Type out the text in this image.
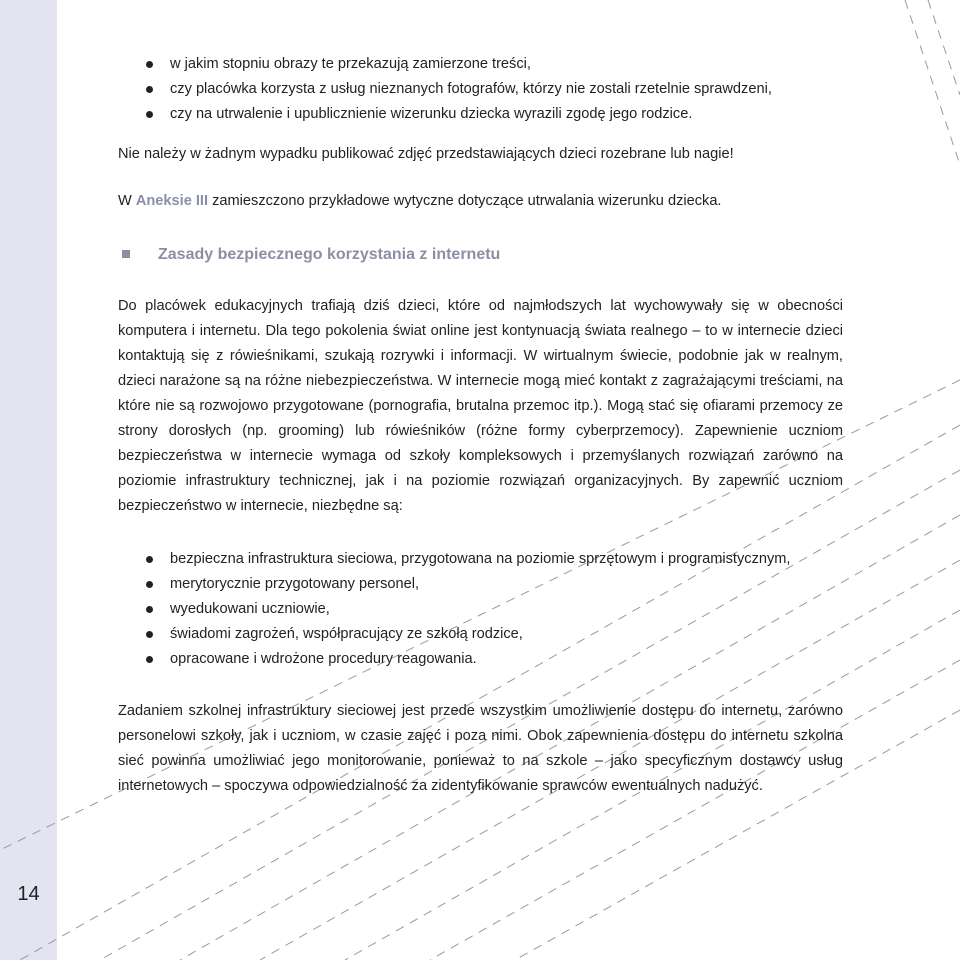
14
w jakim stopniu obrazy te przekazują zamierzone treści,
czy placówka korzysta z usług nieznanych fotografów, którzy nie zostali rzetelnie sprawdzeni,
czy na utrwalenie i upublicznienie wizerunku dziecka wyrazili zgodę jego rodzice.

Nie należy w żadnym wypadku publikować zdjęć przedstawiających dzieci rozebrane lub nagie!

W Aneksie III zamieszczono przykładowe wytyczne dotyczące utrwalania wizerunku dziecka.

Zasady bezpiecznego korzystania z internetu

Do placówek edukacyjnych trafiają dziś dzieci, które od najmłodszych lat wychowywały się w obecności komputera i internetu. Dla tego pokolenia świat online jest kontynuacją świata realnego – to w internecie dzieci kontaktują się z rówieśnikami, szukają rozrywki i informacji. W wirtualnym świecie, podobnie jak w realnym, dzieci narażone są na różne niebezpieczeństwa. W internecie mogą mieć kontakt z zagrażającymi treściami, na które nie są rozwojowo przygotowane (pornografia, brutalna przemoc itp.). Mogą stać się ofiarami przemocy ze strony dorosłych (np. grooming) lub rówieśników (różne formy cyberprzemocy). Zapewnienie uczniom bezpieczeństwa w internecie wymaga od szkoły kompleksowych i przemyślanych rozwiązań zarówno na poziomie infrastruktury technicznej, jak i na poziomie rozwiązań organizacyjnych. By zapewnić uczniom bezpieczeństwo w internecie, niezbędne są:

bezpieczna infrastruktura sieciowa, przygotowana na poziomie sprzętowym i programistycznym,
merytorycznie przygotowany personel,
wyedukowani uczniowie,
świadomi zagrożeń, współpracujący ze szkołą rodzice,
opracowane i wdrożone procedury reagowania.

Zadaniem szkolnej infrastruktury sieciowej jest przede wszystkim umożliwienie dostępu do internetu, zarówno personelowi szkoły, jak i uczniom, w czasie zajęć i poza nimi. Obok zapewnienia dostępu do internetu szkolna sieć powinna umożliwiać jego monitorowanie, ponieważ to na szkole – jako specyficznym dostawcy usług internetowych – spoczywa odpowiedzialność za zidentyfikowanie sprawców ewentualnych nadużyć.
